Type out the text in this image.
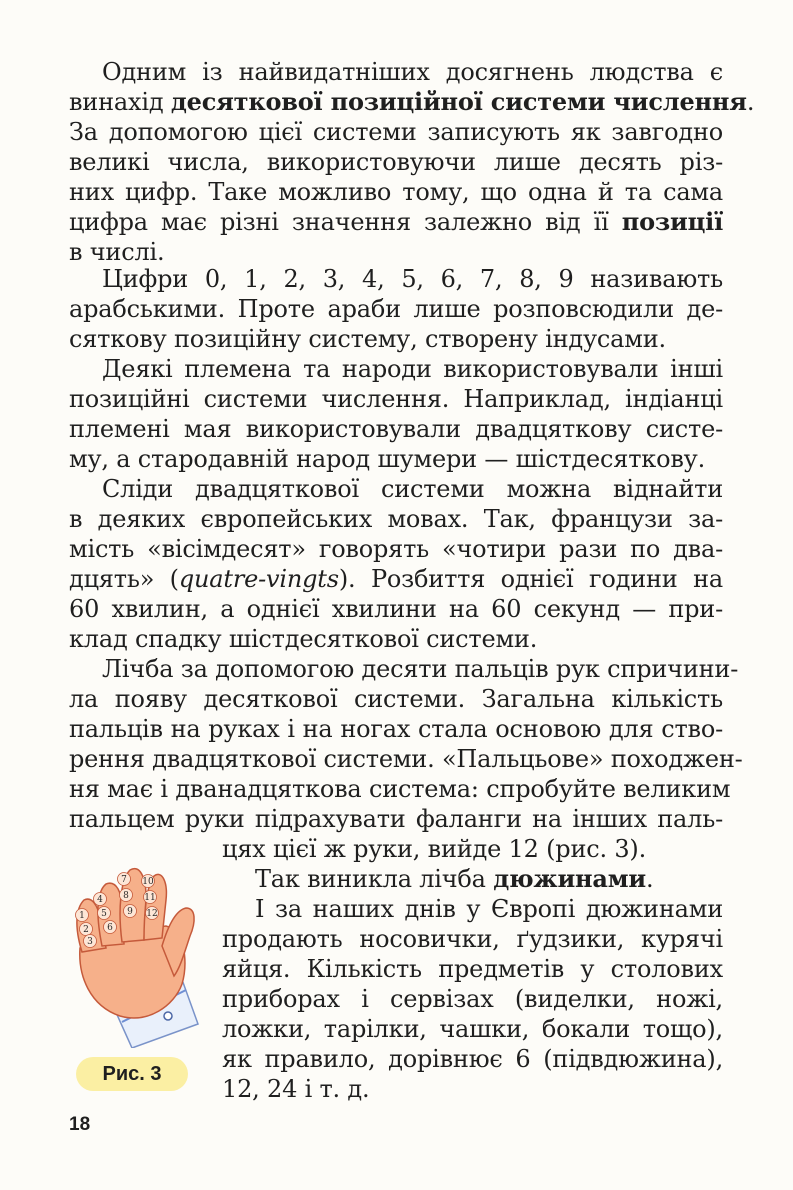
Одним із найвидатніших досягнень людства є
винахід десяткової позиційної системи числення.
За допомогою цієї системи записують як завгодно
великі числа, використовуючи лише десять різ-
них цифр. Таке можливо тому, що одна й та сама
цифра має різні значення залежно від її позиції
в числі.
Цифри 0, 1, 2, 3, 4, 5, 6, 7, 8, 9 називають
арабськими. Проте араби лише розповсюдили де-
сяткову позиційну систему, створену індусами.
Деякі племена та народи використовували інші
позиційні системи числення. Наприклад, індіанці
племені мая використовували двадцяткову систе-
му, а стародавній народ шумери — шістдесяткову.
Сліди двадцяткової системи можна віднайти
в деяких європейських мовах. Так, французи за-
мість «вісімдесят» говорять «чотири рази по два-
дцять» (quatre-vingts). Розбиття однієї години на
60 хвилин, а однієї хвилини на 60 секунд — при-
клад спадку шістдесяткової системи.
Лічба за допомогою десяти пальців рук спричини-
ла появу десяткової системи. Загальна кількість
пальців на руках і на ногах стала основою для ство-
рення двадцяткової системи. «Пальцьове» походжен-
ня має і дванадцяткова система: спробуйте великим
пальцем руки підрахувати фаланги на інших паль-
цях цієї ж руки, вийде 12 (рис. 3).
Так виникла лічба дюжинами.
І за наших днів у Європі дюжинами
продають носовички, ґудзики, курячі
яйця. Кількість предметів у столових
приборах і сервізах (виделки, ножі,
ложки, тарілки, чашки, бокали тощо),
як правило, дорівнює 6 (підвдюжина),
12, 24 і т. д.
1
2
3
4
5
6
7
8
9
10
11
12
Рис. 3
18
